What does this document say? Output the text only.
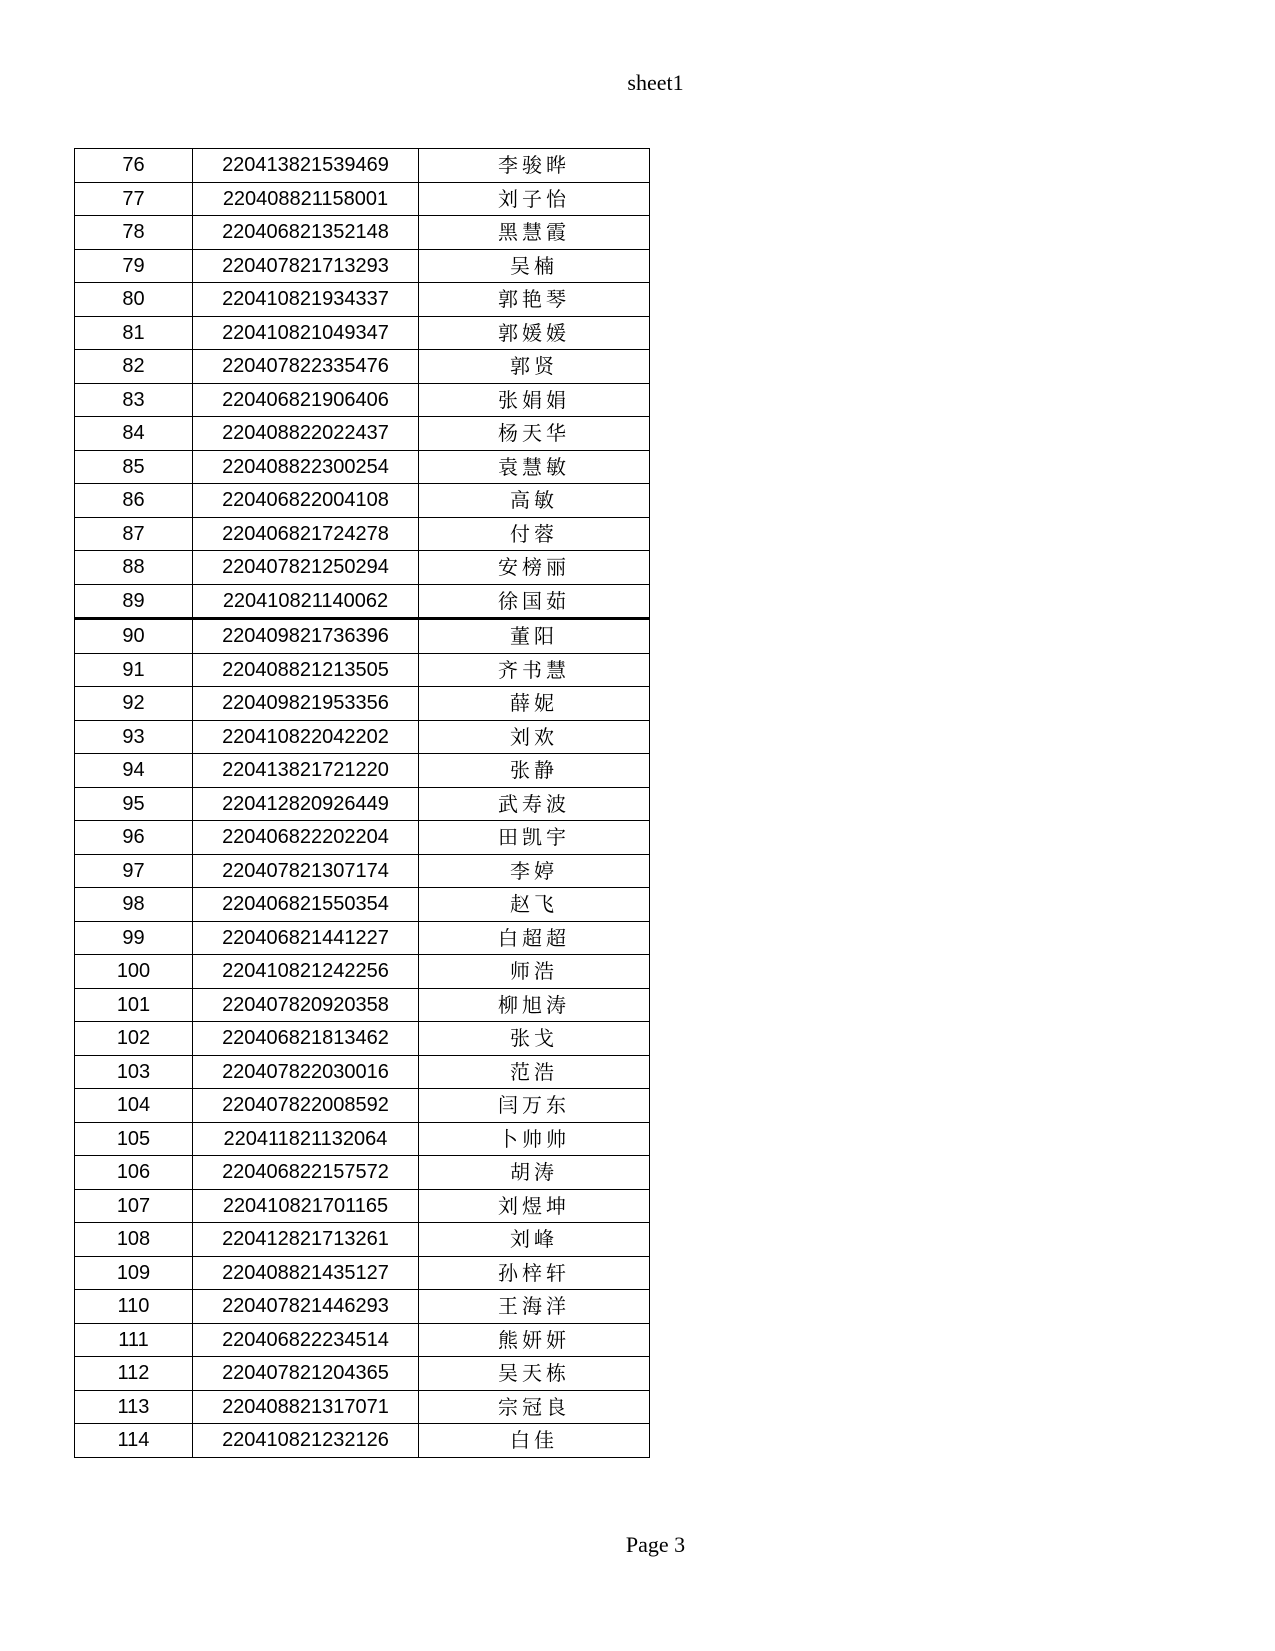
sheet1
76	220413821539469	李骏晔
77	220408821158001	刘子怡
78	220406821352148	黑慧霞
79	220407821713293	吴楠
80	220410821934337	郭艳琴
81	220410821049347	郭媛媛
82	220407822335476	郭贤
83	220406821906406	张娟娟
84	220408822022437	杨天华
85	220408822300254	袁慧敏
86	220406822004108	高敏
87	220406821724278	付蓉
88	220407821250294	安榜丽
89	220410821140062	徐国茹
90	220409821736396	董阳
91	220408821213505	齐书慧
92	220409821953356	薛妮
93	220410822042202	刘欢
94	220413821721220	张静
95	220412820926449	武寿波
96	220406822202204	田凯宇
97	220407821307174	李婷
98	220406821550354	赵飞
99	220406821441227	白超超
100	220410821242256	师浩
101	220407820920358	柳旭涛
102	220406821813462	张戈
103	220407822030016	范浩
104	220407822008592	闫万东
105	220411821132064	卜帅帅
106	220406822157572	胡涛
107	220410821701165	刘煜坤
108	220412821713261	刘峰
109	220408821435127	孙梓轩
110	220407821446293	王海洋
111	220406822234514	熊妍妍
112	220407821204365	吴天栋
113	220408821317071	宗冠良
114	220410821232126	白佳
Page 3
